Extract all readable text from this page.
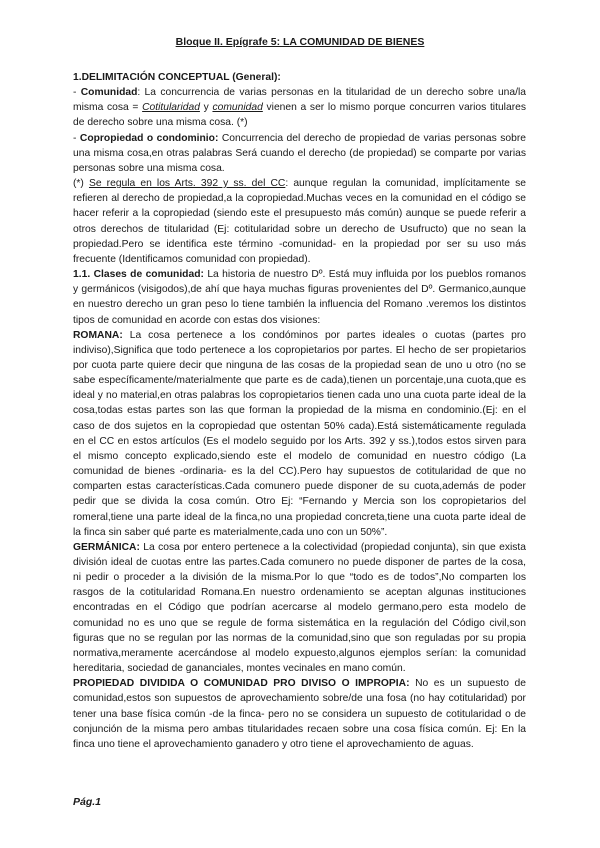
Bloque II. Epígrafe 5: LA COMUNIDAD DE BIENES

1.DELIMITACIÓN CONCEPTUAL (General):

- Comunidad: La concurrencia de varias personas en la titularidad de un derecho sobre una/la misma cosa = Cotitularidad y comunidad vienen a ser lo mismo porque concurren varios titulares de derecho sobre una misma cosa. (*)

- Copropiedad o condominio: Concurrencia del derecho de propiedad de varias personas sobre una misma cosa,en otras palabras Será cuando el derecho (de propiedad) se comparte por varias personas sobre una misma cosa.

(*) Se regula en los Arts. 392 y ss. del CC: aunque regulan la comunidad, implícitamente se refieren al derecho de propiedad,a la copropiedad.Muchas veces en la comunidad en el código se hacer referir a la copropiedad (siendo este el presupuesto más común) aunque se puede referir a otros derechos de titularidad (Ej: cotitularidad sobre un derecho de Usufructo) que no sean la propiedad.Pero se identifica este término -comunidad- en la propiedad por ser su uso más frecuente (Identificamos comunidad con propiedad).

1.1. Clases de comunidad: La historia de nuestro Dº. Está muy influida por los pueblos romanos y germánicos (visigodos),de ahí que haya muchas figuras provenientes del Dº. Germanico,aunque en nuestro derecho un gran peso lo tiene también la influencia del Romano .veremos los distintos tipos de comunidad en acorde con estas dos visiones:

ROMANA: La cosa pertenece a los condóminos por partes ideales o cuotas (partes pro indiviso),Significa que todo pertenece a los copropietarios por partes. El hecho de ser propietarios por cuota parte quiere decir que ninguna de las cosas de la propiedad sean de uno u otro (no se sabe específicamente/materialmente que parte es de cada),tienen un porcentaje,una cuota,que es ideal y no material,en otras palabras los copropietarios tienen cada uno una cuota parte ideal de la cosa,todas estas partes son las que forman la propiedad de la misma en condominio.(Ej: en el caso de dos sujetos en la copropiedad que ostentan 50% cada).Está sistemáticamente regulada en el CC en estos artículos (Es el modelo seguido por los Arts. 392 y ss.),todos estos sirven para el mismo concepto explicado,siendo este el modelo de comunidad en nuestro código (La comunidad de bienes -ordinaria- es la del CC).Pero hay supuestos de cotitularidad de que no comparten estas características.Cada comunero puede disponer de su cuota,además de poder pedir que se divida la cosa común. Otro Ej: “Fernando y Mercia son los copropietarios del romeral,tiene una parte ideal de la finca,no una propiedad concreta,tiene una cuota parte ideal de la finca sin saber qué parte es materialmente,cada uno con un 50%”.

GERMÁNICA: La cosa por entero pertenece a la colectividad (propiedad conjunta), sin que exista división ideal de cuotas entre las partes.Cada comunero no puede disponer de partes de la cosa, ni pedir o proceder a la división de la misma.Por lo que “todo es de todos”,No comparten los rasgos de la cotitularidad Romana.En nuestro ordenamiento se aceptan algunas instituciones encontradas en el Código que podrían acercarse al modelo germano,pero esta modelo de comunidad no es uno que se regule de forma sistemática en la regulación del Código civil,son figuras que no se regulan por las normas de la comunidad,sino que son reguladas por su propia normativa,meramente acercándose al modelo expuesto,algunos ejemplos serían: la comunidad hereditaria, sociedad de gananciales, montes vecinales en mano común.

PROPIEDAD DIVIDIDA O COMUNIDAD PRO DIVISO O IMPROPIA: No es un supuesto de comunidad,estos son supuestos de aprovechamiento sobre/de una fosa (no hay cotitularidad) por tener una base física común -de la finca- pero no se considera un supuesto de cotitularidad o de conjunción de la misma pero ambas titularidades recaen sobre una cosa física común. Ej: En la finca uno tiene el aprovechamiento ganadero y otro tiene el aprovechamiento de aguas.

Pág.1
